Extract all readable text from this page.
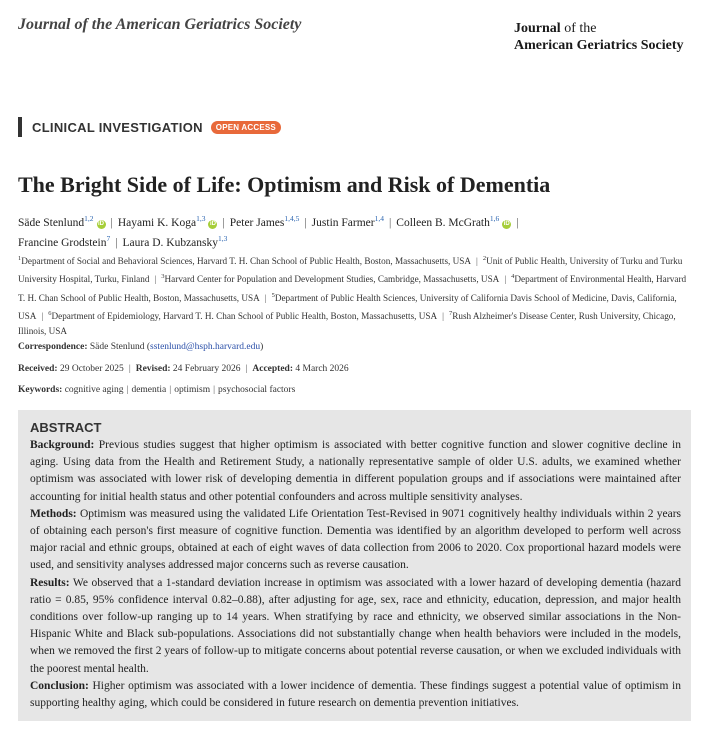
Journal of the American Geriatrics Society	Journal of the
American Geriatrics Society
CLINICAL INVESTIGATION	OPEN ACCESS
The Bright Side of Life: Optimism and Risk of Dementia
Säde Stenlund$^{1,2}$iD | Hayami K. Koga$^{1,3}$iD | Peter James$^{1,4,5}$ | Justin Farmer$^{1,4}$ | Colleen B. McGrath$^{1,6}$iD |
Francine Grodstein$^7$ | Laura D. Kubzansky$^{1,3}$
$^1$Department of Social and Behavioral Sciences, Harvard T. H. Chan School of Public Health, Boston, Massachusetts, USA | $^2$Unit of Public Health, University of Turku and Turku University Hospital, Turku, Finland | $^3$Harvard Center for Population and Development Studies, Cambridge, Massachusetts, USA | $^4$Department of Environmental Health, Harvard T. H. Chan School of Public Health, Boston, Massachusetts, USA | $^5$Department of Public Health Sciences, University of California Davis School of Medicine, Davis, California, USA | $^6$Department of Epidemiology, Harvard T. H. Chan School of Public Health, Boston, Massachusetts, USA | $^7$Rush Alzheimer's Disease Center, Rush University, Chicago, Illinois, USA
Correspondence: Säde Stenlund (sstenlund@hsph.harvard.edu)
Received: 29 October 2025 | Revised: 24 February 2026 | Accepted: 4 March 2026
Keywords: cognitive aging | dementia | optimism | psychosocial factors
ABSTRACT

Background: Previous studies suggest that higher optimism is associated with better cognitive function and slower cognitive decline in aging. Using data from the Health and Retirement Study, a nationally representative sample of older U.S. adults, we examined whether optimism was associated with lower risk of developing dementia in different population groups and if associations were maintained after accounting for initial health status and other potential confounders and across multiple sensitivity analyses.

Methods: Optimism was measured using the validated Life Orientation Test-Revised in 9071 cognitively healthy individuals within 2 years of obtaining each person's first measure of cognitive function. Dementia was identified by an algorithm developed to perform well across major racial and ethnic groups, obtained at each of eight waves of data collection from 2006 to 2020. Cox proportional hazard models were used, and sensitivity analyses addressed major concerns such as reverse causation.

Results: We observed that a 1-standard deviation increase in optimism was associated with a lower hazard of developing dementia (hazard ratio = 0.85, 95% confidence interval 0.82–0.88), after adjusting for age, sex, race and ethnicity, education, depression, and major health conditions over follow-up ranging up to 14 years. When stratifying by race and ethnicity, we observed similar associations in the Non-Hispanic White and Black sub-populations. Associations did not substantially change when health behaviors were included in the models, when we removed the first 2 years of follow-up to mitigate concerns about potential reverse causation, or when we excluded individuals with the poorest mental health.

Conclusion: Higher optimism was associated with a lower incidence of dementia. These findings suggest a potential value of optimism in supporting healthy aging, which could be considered in future research on dementia prevention initiatives.
